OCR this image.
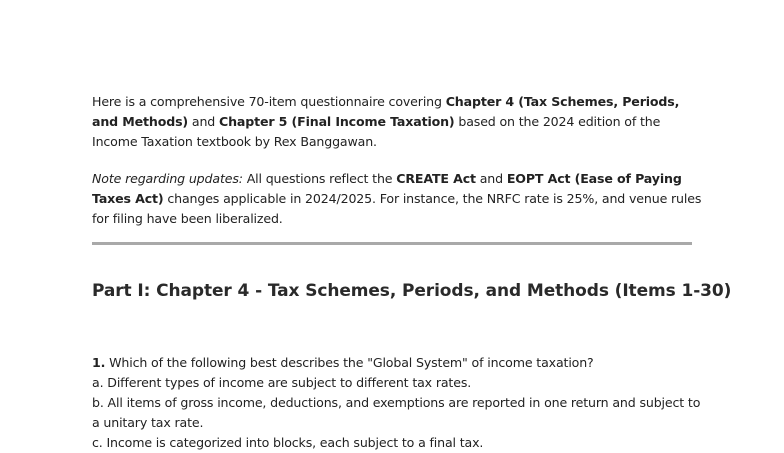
Here is a comprehensive 70-item questionnaire covering Chapter 4 (Tax Schemes, Periods, and Methods) and Chapter 5 (Final Income Taxation) based on the 2024 edition of the Income Taxation textbook by Rex Banggawan.
Note regarding updates: All questions reflect the CREATE Act and EOPT Act (Ease of Paying Taxes Act) changes applicable in 2024/2025. For instance, the NRFC rate is 25%, and venue rules for filing have been liberalized.
Part I: Chapter 4 - Tax Schemes, Periods, and Methods (Items 1-30)
1. Which of the following best describes the "Global System" of income taxation?
a. Different types of income are subject to different tax rates.
b. All items of gross income, deductions, and exemptions are reported in one return and subject to a unitary tax rate.
c. Income is categorized into blocks, each subject to a final tax.
